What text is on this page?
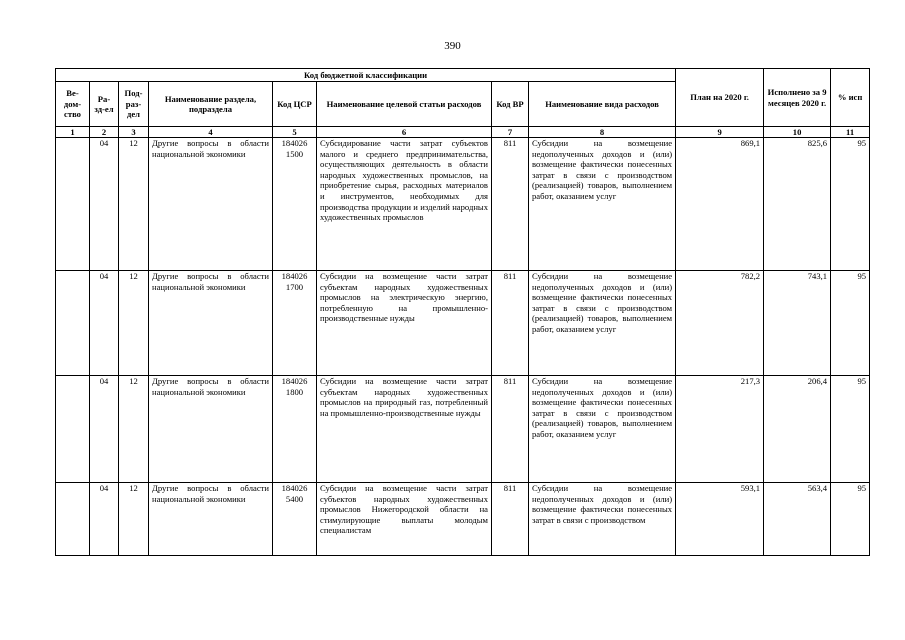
390
Код бюджетной классификации								План на 2020 г.	Исполнено за 9 месяцев 2020 г.	% исп
Ве-дом-ство	Ра-зд-ел	Под-раз-дел	Наименование раздела, подраздела	Код ЦСР	Наименование целевой статьи расходов	Код ВР	Наименование вида расходов			
1	2	3	4	5	6	7	8	9	10	11
	04	12	Другие вопросы в области национальной экономики	184026 1500	Субсидирование части затрат субъектов малого и среднего предпринимательства, осуществляющих деятельность в области народных художественных промыслов, на приобретение сырья, расходных материалов и инструментов, необходимых для производства продукции и изделий народных художественных промыслов	811	Субсидии на возмещение недополученных доходов и (или) возмещение фактически понесенных затрат в связи с производством (реализацией) товаров, выполнением работ, оказанием услуг	869,1	825,6	95
	04	12	Другие вопросы в области национальной экономики	184026 1700	Субсидии на возмещение части затрат субъектам народных художественных промыслов на электрическую энергию, потребленную на промышленно-производственные нужды	811	Субсидии на возмещение недополученных доходов и (или) возмещение фактически понесенных затрат в связи с производством (реализацией) товаров, выполнением работ, оказанием услуг	782,2	743,1	95
	04	12	Другие вопросы в области национальной экономики	184026 1800	Субсидии на возмещение части затрат субъектам народных художественных промыслов на природный газ, потребленный на промышленно-производственные нужды	811	Субсидии на возмещение недополученных доходов и (или) возмещение фактически понесенных затрат в связи с производством (реализацией) товаров, выполнением работ, оказанием услуг	217,3	206,4	95
	04	12	Другие вопросы в области национальной экономики	184026 5400	Субсидии на возмещение части затрат субъектов народных художественных промыслов Нижегородской области на стимулирующие выплаты молодым специалистам	811	Субсидии на возмещение недополученных доходов и (или) возмещение фактически понесенных затрат в связи с производством	593,1	563,4	95
